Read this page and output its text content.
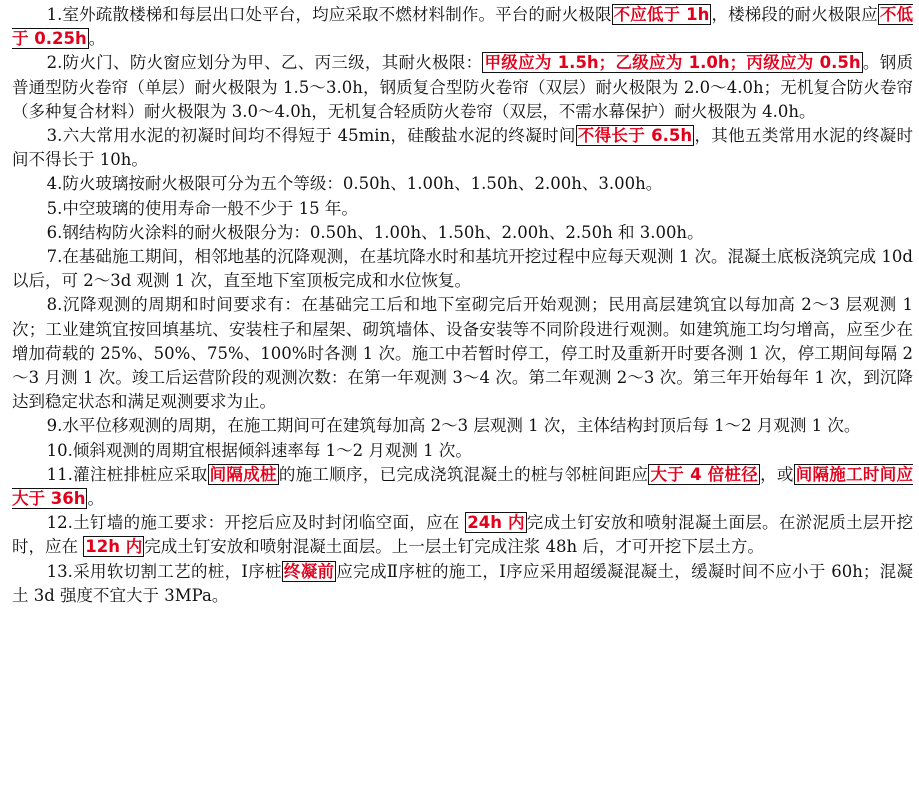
1.室外疏散楼梯和每层出口处平台，均应采取不燃材料制作。平台的耐火极限 不应低于 1h ，楼梯段的耐火极限应 不低于 0.25h 。

2.防火门、防火窗应划分为甲、乙、丙三级，其耐火极限： 甲级应为 1.5h；乙级应为 1.0h；丙级应为 0.5h 。钢质普通型防火卷帘（单层）耐火极限为 1.5～3.0h，钢质复合型防火卷帘（双层）耐火极限为 2.0～4.0h；无机复合防火卷帘（多种复合材料）耐火极限为 3.0～4.0h，无机复合轻质防火卷帘（双层，不需水幕保护）耐火极限为 4.0h。

3.六大常用水泥的初凝时间均不得短于 45min，硅酸盐水泥的终凝时间 不得长于 6.5h ，其他五类常用水泥的终凝时间不得长于 10h。

4.防火玻璃按耐火极限可分为五个等级：0.50h、1.00h、1.50h、2.00h、3.00h。

5.中空玻璃的使用寿命一般不少于 15 年。

6.钢结构防火涂料的耐火极限分为：0.50h、1.00h、1.50h、2.00h、2.50h 和 3.00h。

7.在基础施工期间，相邻地基的沉降观测，在基坑降水时和基坑开挖过程中应每天观测 1 次。混凝土底板浇筑完成 10d 以后，可 2～3d 观测 1 次，直至地下室顶板完成和水位恢复。

8.沉降观测的周期和时间要求有：在基础完工后和地下室砌完后开始观测；民用高层建筑宜以每加高 2～3 层观测 1 次；工业建筑宜按回填基坑、安装柱子和屋架、砌筑墙体、设备安装等不同阶段进行观测。如建筑施工均匀增高，应至少在增加荷载的 25%、50%、75%、100%时各测 1 次。施工中若暂时停工，停工时及重新开时要各测 1 次，停工期间每隔 2～3 月测 1 次。竣工后运营阶段的观测次数：在第一年观测 3～4 次。第二年观测 2～3 次。第三年开始每年 1 次，到沉降达到稳定状态和满足观测要求为止。

9.水平位移观测的周期，在施工期间可在建筑每加高 2～3 层观测 1 次，主体结构封顶后每 1～2 月观测 1 次。

10.倾斜观测的周期宜根据倾斜速率每 1～2 月观测 1 次。

11.灌注桩排桩应采取 间隔成桩 的施工顺序，已完成浇筑混凝土的桩与邻桩间距应 大于 4 倍桩径 ，或 间隔施工时间应大于 36h 。

12.土钉墙的施工要求：开挖后应及时封闭临空面，应在 24h 内 完成土钉安放和喷射混凝土面层。在淤泥质土层开挖时，应在 12h 内 完成土钉安放和喷射混凝土面层。上一层土钉完成注浆 48h 后，才可开挖下层土方。

13.采用软切割工艺的桩，Ⅰ序桩 终凝前 应完成Ⅱ序桩的施工，Ⅰ序应采用超缓凝混凝土，缓凝时间不应小于 60h；混凝土 3d 强度不宜大于 3MPa。
